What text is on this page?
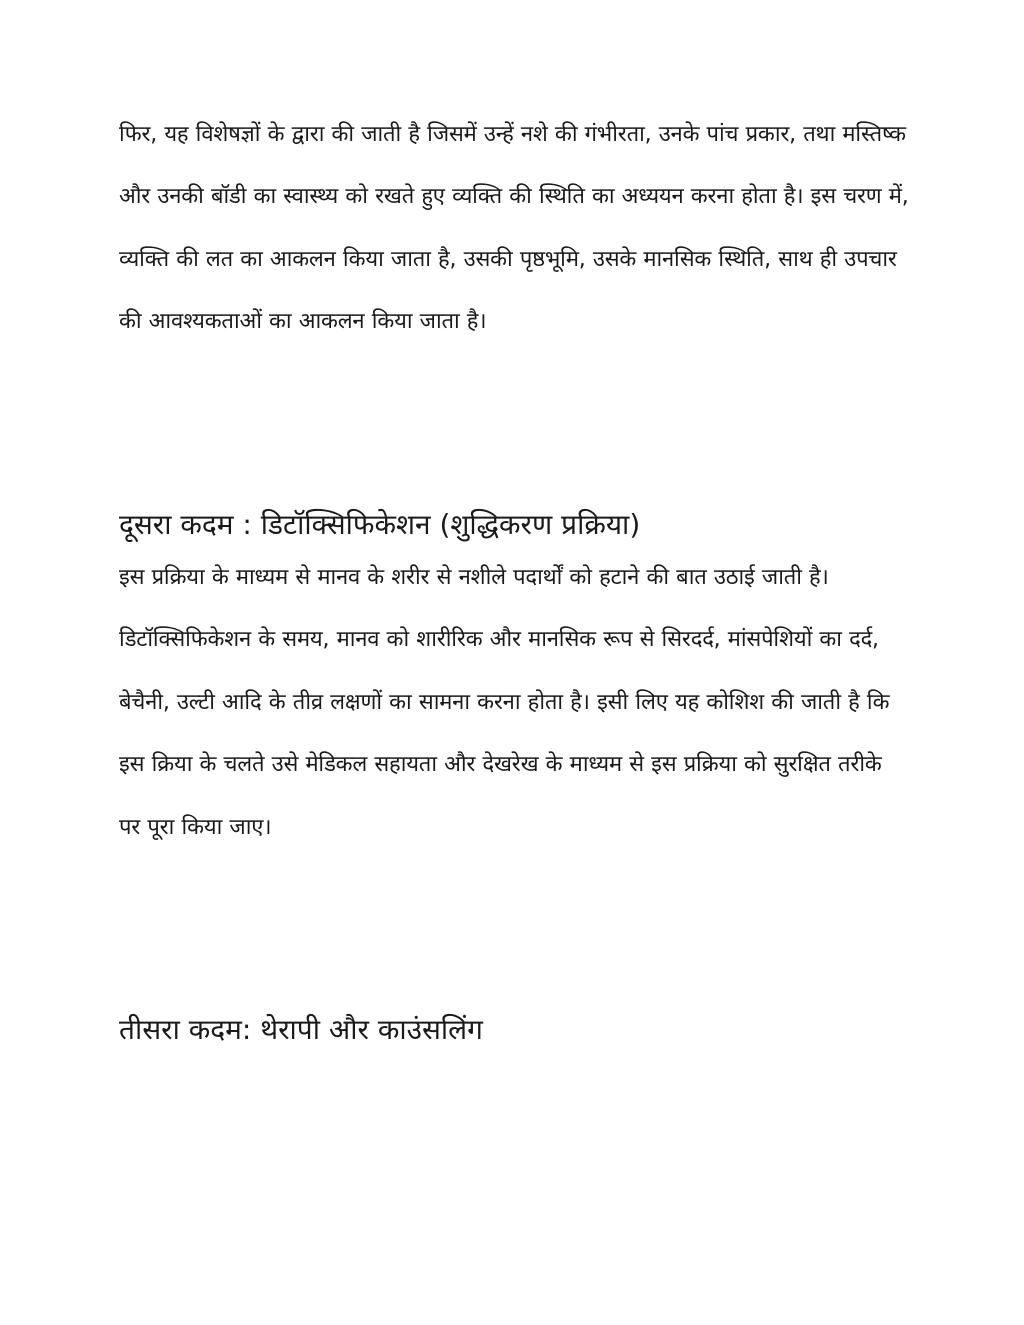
फिर, यह विशेषज्ञों के द्वारा की जाती है जिसमें उन्हें नशे की गंभीरता, उनके पांच प्रकार, तथा मस्तिष्क और उनकी बॉडी का स्वास्थ्य को रखते हुए व्यक्ति की स्थिति का अध्ययन करना होता है। इस चरण में, व्यक्ति की लत का आकलन किया जाता है, उसकी पृष्ठभूमि, उसके मानसिक स्थिति, साथ ही उपचार की आवश्यकताओं का आकलन किया जाता है।

दूसरा कदम : डिटॉक्सिफिकेशन (शुद्धिकरण प्रक्रिया)

इस प्रक्रिया के माध्यम से मानव के शरीर से नशीले पदार्थों को हटाने की बात उठाई जाती है। डिटॉक्सिफिकेशन के समय, मानव को शारीरिक और मानसिक रूप से सिरदर्द, मांसपेशियों का दर्द, बेचैनी, उल्टी आदि के तीव्र लक्षणों का सामना करना होता है। इसी लिए यह कोशिश की जाती है कि इस क्रिया के चलते उसे मेडिकल सहायता और देखरेख के माध्यम से इस प्रक्रिया को सुरक्षित तरीके पर पूरा किया जाए।

तीसरा कदम: थेरापी और काउंसलिंग
